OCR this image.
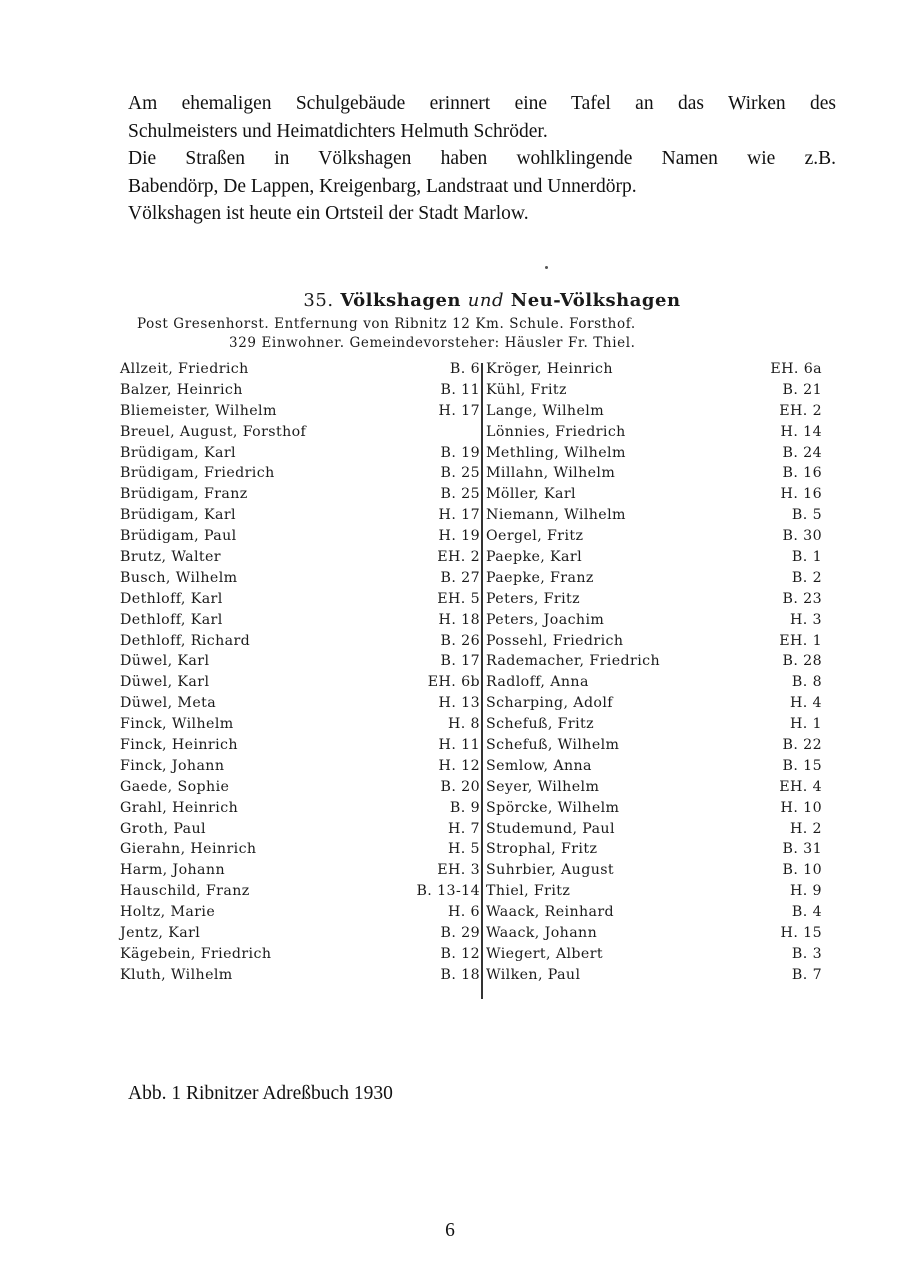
Am ehemaligen Schulgebäude erinnert eine Tafel an das Wirken des

Schulmeisters und Heimatdichters Helmuth Schröder.

Die Straßen in Völkshagen haben wohlklingende Namen wie z.B.

Babendörp, De Lappen, Kreigenbarg, Landstraat und Unnerdörp.

Völkshagen ist heute ein Ortsteil der Stadt Marlow.

35. Völkshagen und Neu-Völkshagen
Post Gresenhorst. Entfernung von Ribnitz 12 Km. Schule. Forsthof.
329 Einwohner. Gemeindevorsteher: Häusler Fr. Thiel.
Allzeit, Friedrich	B. 6
Balzer, Heinrich	B. 11
Bliemeister, Wilhelm	H. 17
Breuel, August, Forsthof
Brüdigam, Karl	B. 19
Brüdigam, Friedrich	B. 25
Brüdigam, Franz	B. 25
Brüdigam, Karl	H. 17
Brüdigam, Paul	H. 19
Brutz, Walter	EH. 2
Busch, Wilhelm	B. 27
Dethloff, Karl	EH. 5
Dethloff, Karl	H. 18
Dethloff, Richard	B. 26
Düwel, Karl	B. 17
Düwel, Karl	EH. 6b
Düwel, Meta	H. 13
Finck, Wilhelm	H. 8
Finck, Heinrich	H. 11
Finck, Johann	H. 12
Gaede, Sophie	B. 20
Grahl, Heinrich	B. 9
Groth, Paul	H. 7
Gierahn, Heinrich	H. 5
Harm, Johann	EH. 3
Hauschild, Franz	B. 13-14
Holtz, Marie	H. 6
Jentz, Karl	B. 29
Kägebein, Friedrich	B. 12
Kluth, Wilhelm	B. 18
Kröger, Heinrich	EH. 6a
Kühl, Fritz	B. 21
Lange, Wilhelm	EH. 2
Lönnies, Friedrich	H. 14
Methling, Wilhelm	B. 24
Millahn, Wilhelm	B. 16
Möller, Karl	H. 16
Niemann, Wilhelm	B. 5
Oergel, Fritz	B. 30
Paepke, Karl	B. 1
Paepke, Franz	B. 2
Peters, Fritz	B. 23
Peters, Joachim	H. 3
Possehl, Friedrich	EH. 1
Rademacher, Friedrich	B. 28
Radloff, Anna	B. 8
Scharping, Adolf	H. 4
Schefuß, Fritz	H. 1
Schefuß, Wilhelm	B. 22
Semlow, Anna	B. 15
Seyer, Wilhelm	EH. 4
Spörcke, Wilhelm	H. 10
Studemund, Paul	H. 2
Strophal, Fritz	B. 31
Suhrbier, August	B. 10
Thiel, Fritz	H. 9
Waack, Reinhard	B. 4
Waack, Johann	H. 15
Wiegert, Albert	B. 3
Wilken, Paul	B. 7
Abb. 1 Ribnitzer Adreßbuch 1930
6
